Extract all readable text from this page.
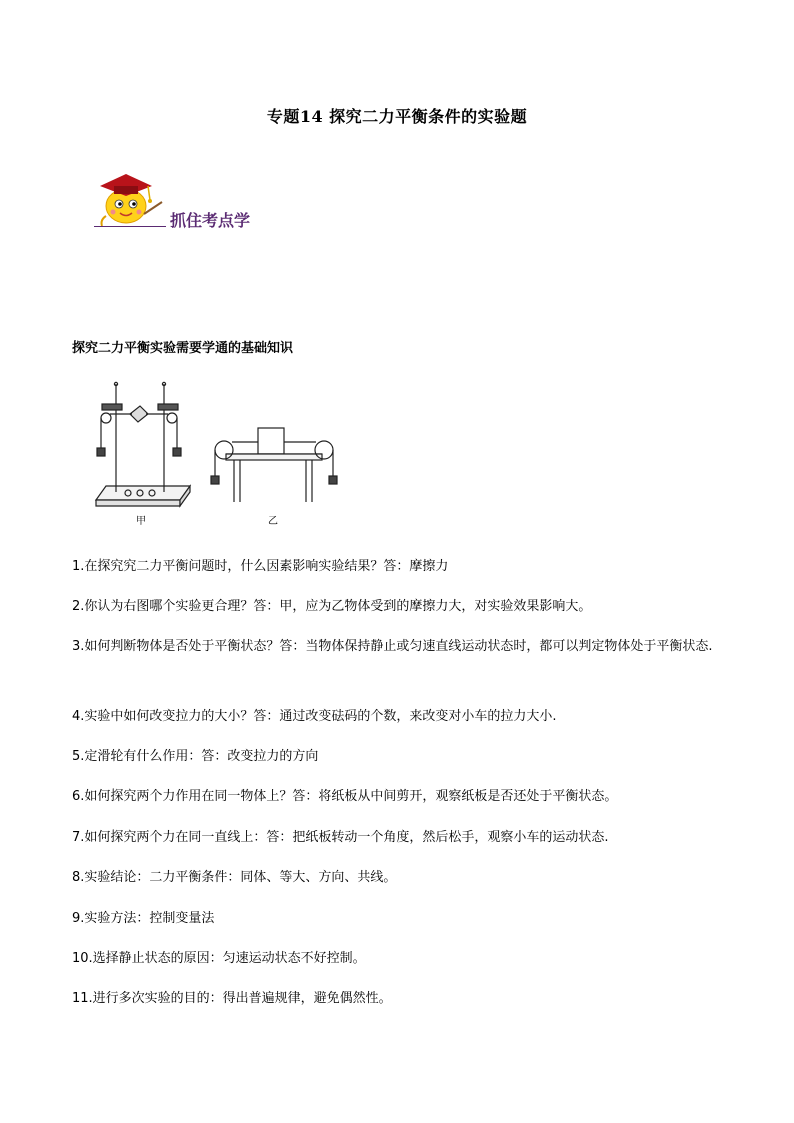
专题14 探究二力平衡条件的实验题
抓住考点学
探究二力平衡实验需要学通的基础知识
甲	乙
1.在探究究二力平衡问题时，什么因素影响实验结果？答：摩擦力
2.你认为右图哪个实验更合理？答：甲，应为乙物体受到的摩擦力大，对实验效果影响大。
3.如何判断物体是否处于平衡状态？答：当物体保持静止或匀速直线运动状态时，都可以判定物体处于平衡状态.
4.实验中如何改变拉力的大小？答：通过改变砝码的个数，来改变对小车的拉力大小.
5.定滑轮有什么作用：答：改变拉力的方向
6.如何探究两个力作用在同一物体上？答：将纸板从中间剪开，观察纸板是否还处于平衡状态。
7.如何探究两个力在同一直线上：答：把纸板转动一个角度，然后松手，观察小车的运动状态.
8.实验结论：二力平衡条件：同体、等大、方向、共线。
9.实验方法：控制变量法
10.选择静止状态的原因：匀速运动状态不好控制。
11.进行多次实验的目的：得出普遍规律，避免偶然性。
